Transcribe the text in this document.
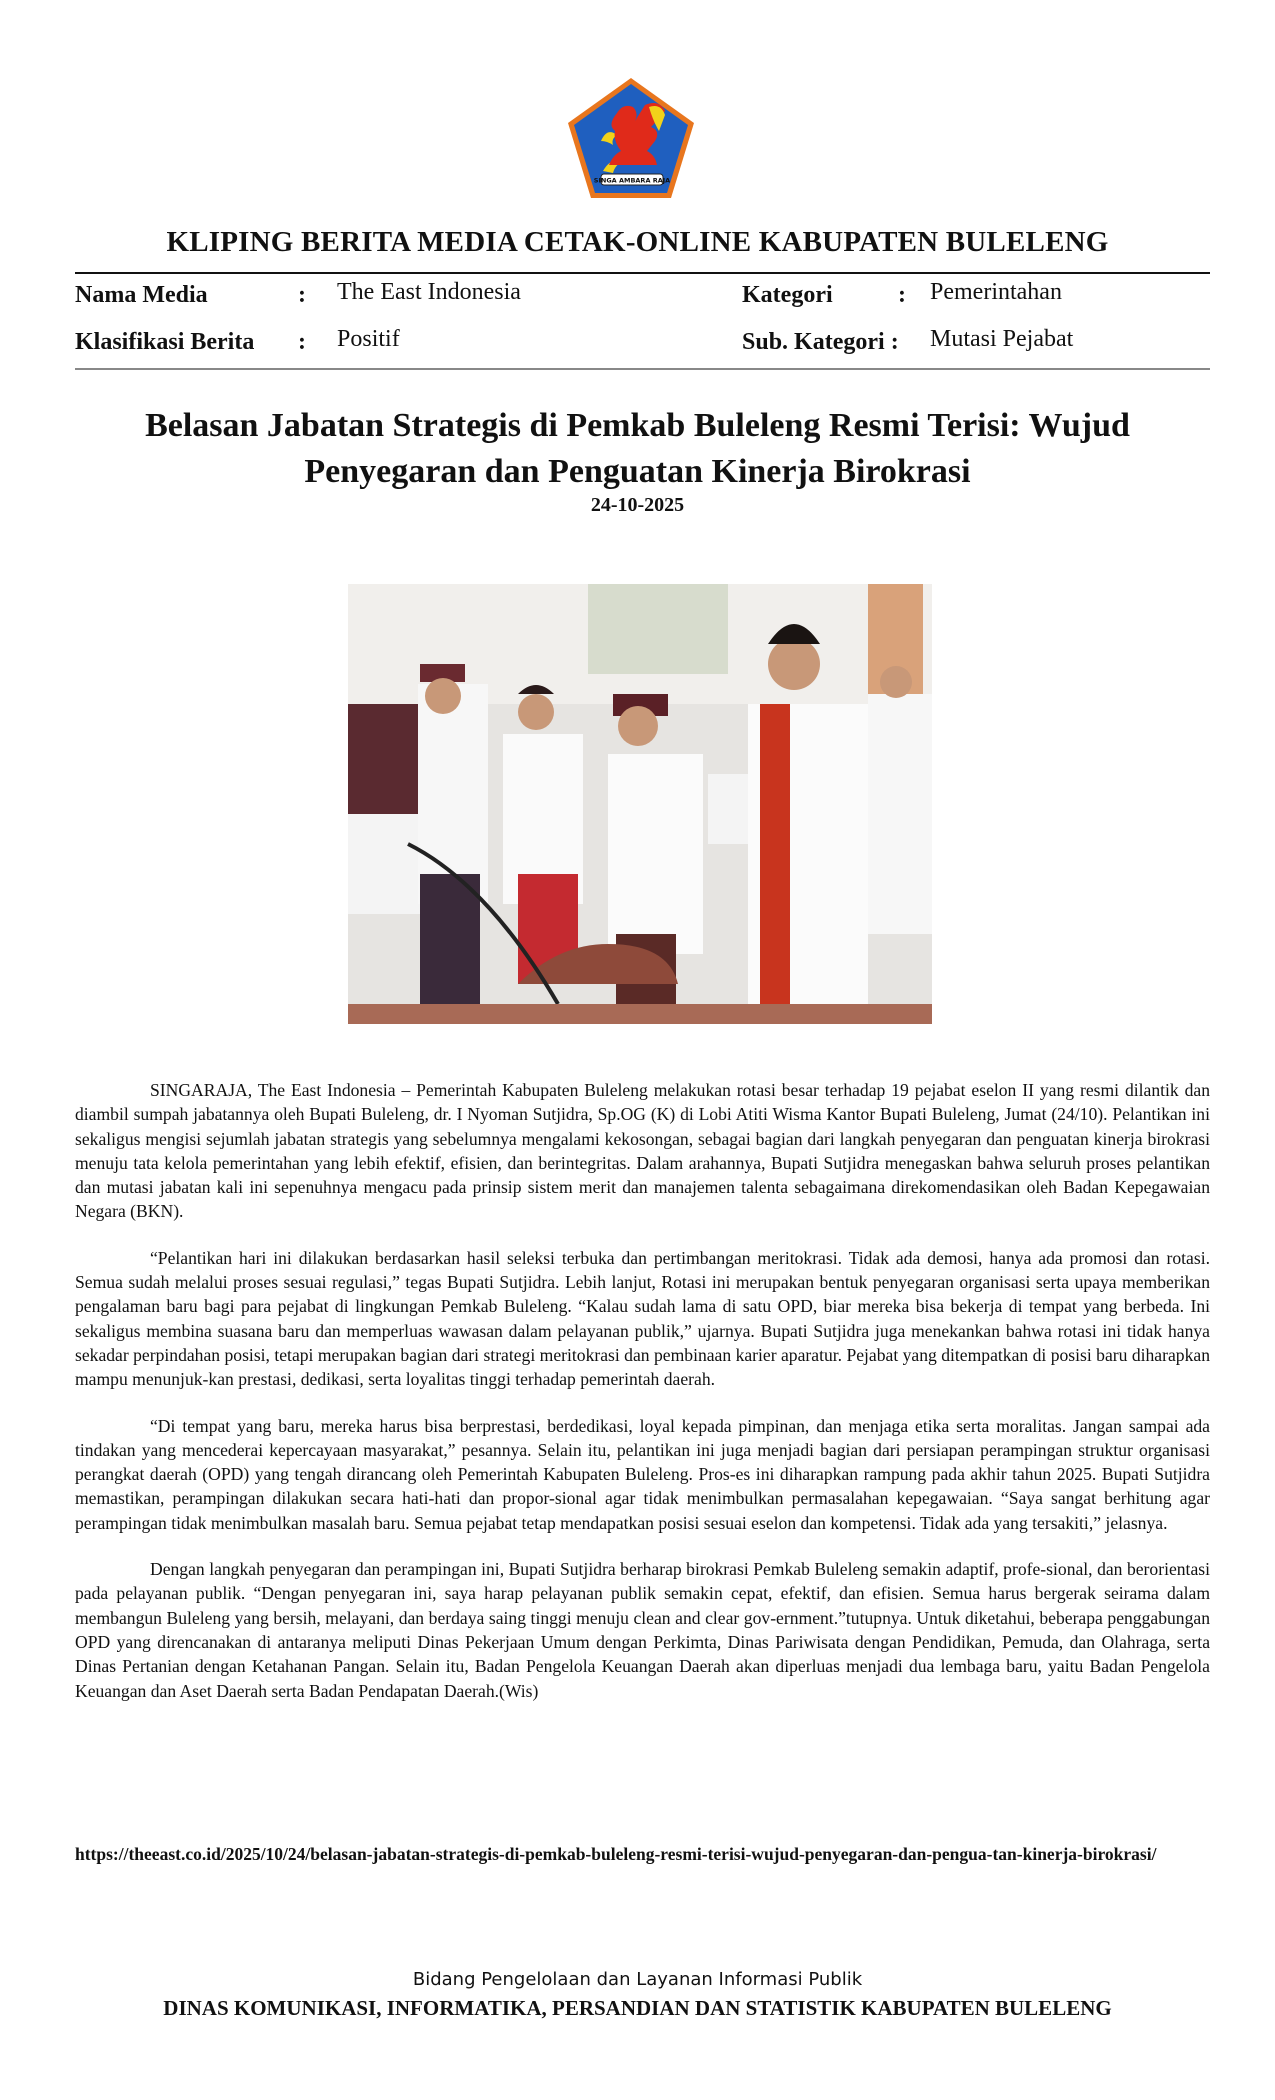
SINGA AMBARA RAJA
KLIPING BERITA MEDIA CETAK-ONLINE KABUPATEN BULELENG
Nama Media	: The East Indonesia
Klasifikasi Berita : Positif
Kategori	: Pemerintahan
Sub. Kategori : Mutasi Pejabat
Belasan Jabatan Strategis di Pemkab Buleleng Resmi Terisi: Wujud
Penyegaran dan Penguatan Kinerja Birokrasi
24-10-2025

SINGARAJA, The East Indonesia – Pemerintah Kabupaten Buleleng melakukan rotasi besar terhadap 19 pejabat eselon II yang resmi dilantik dan diambil sumpah jabatannya oleh Bupati Buleleng, dr. I Nyoman Sutjidra, Sp.OG (K) di Lobi Atiti Wisma Kantor Bupati Buleleng, Jumat (24/10). Pelantikan ini sekaligus mengisi sejumlah jabatan strategis yang sebelumnya mengalami kekosongan, sebagai bagian dari langkah penyegaran dan penguatan kinerja birokrasi menuju tata kelola pemerintahan yang lebih efektif, efisien, dan berintegritas. Dalam arahannya, Bupati Sutjidra menegaskan bahwa seluruh proses pelantikan dan mutasi jabatan kali ini sepenuhnya mengacu pada prinsip sistem merit dan manajemen talenta sebagaimana direkomendasikan oleh Badan Kepegawaian Negara (BKN).

“Pelantikan hari ini dilakukan berdasarkan hasil seleksi terbuka dan pertimbangan meritokrasi. Tidak ada demosi, hanya ada promosi dan rotasi. Semua sudah melalui proses sesuai regulasi,” tegas Bupati Sutjidra. Lebih lanjut, Rotasi ini merupakan bentuk penyegaran organisasi serta upaya memberikan pengalaman baru bagi para pejabat di lingkungan Pemkab Buleleng. “Kalau sudah lama di satu OPD, biar mereka bisa bekerja di tempat yang berbeda. Ini sekaligus membina suasana baru dan memperluas wawasan dalam pelayanan publik,” ujarnya. Bupati Sutjidra juga menekankan bahwa rotasi ini tidak hanya sekadar perpindahan posisi, tetapi merupakan bagian dari strategi meritokrasi dan pembinaan karier aparatur. Pejabat yang ditempatkan di posisi baru diharapkan mampu menunjuk-kan prestasi, dedikasi, serta loyalitas tinggi terhadap pemerintah daerah.

“Di tempat yang baru, mereka harus bisa berprestasi, berdedikasi, loyal kepada pimpinan, dan menjaga etika serta moralitas. Jangan sampai ada tindakan yang mencederai kepercayaan masyarakat,” pesannya. Selain itu, pelantikan ini juga menjadi bagian dari persiapan perampingan struktur organisasi perangkat daerah (OPD) yang tengah dirancang oleh Pemerintah Kabupaten Buleleng. Pros-es ini diharapkan rampung pada akhir tahun 2025. Bupati Sutjidra memastikan, perampingan dilakukan secara hati-hati dan propor-sional agar tidak menimbulkan permasalahan kepegawaian. “Saya sangat berhitung agar perampingan tidak menimbulkan masalah baru. Semua pejabat tetap mendapatkan posisi sesuai eselon dan kompetensi. Tidak ada yang tersakiti,” jelasnya.

Dengan langkah penyegaran dan perampingan ini, Bupati Sutjidra berharap birokrasi Pemkab Buleleng semakin adaptif, profe-sional, dan berorientasi pada pelayanan publik. “Dengan penyegaran ini, saya harap pelayanan publik semakin cepat, efektif, dan efisien. Semua harus bergerak seirama dalam membangun Buleleng yang bersih, melayani, dan berdaya saing tinggi menuju clean and clear gov-ernment.”tutupnya. Untuk diketahui, beberapa penggabungan OPD yang direncanakan di antaranya meliputi Dinas Pekerjaan Umum dengan Perkimta, Dinas Pariwisata dengan Pendidikan, Pemuda, dan Olahraga, serta Dinas Pertanian dengan Ketahanan Pangan. Selain itu, Badan Pengelola Keuangan Daerah akan diperluas menjadi dua lembaga baru, yaitu Badan Pengelola Keuangan dan Aset Daerah serta Badan Pendapatan Daerah.(Wis)

https://theeast.co.id/2025/10/24/belasan-jabatan-strategis-di-pemkab-buleleng-resmi-terisi-wujud-penyegaran-dan-pengua-tan-kinerja-birokrasi/
Bidang Pengelolaan dan Layanan Informasi Publik
DINAS KOMUNIKASI, INFORMATIKA, PERSANDIAN DAN STATISTIK KABUPATEN BULELENG
